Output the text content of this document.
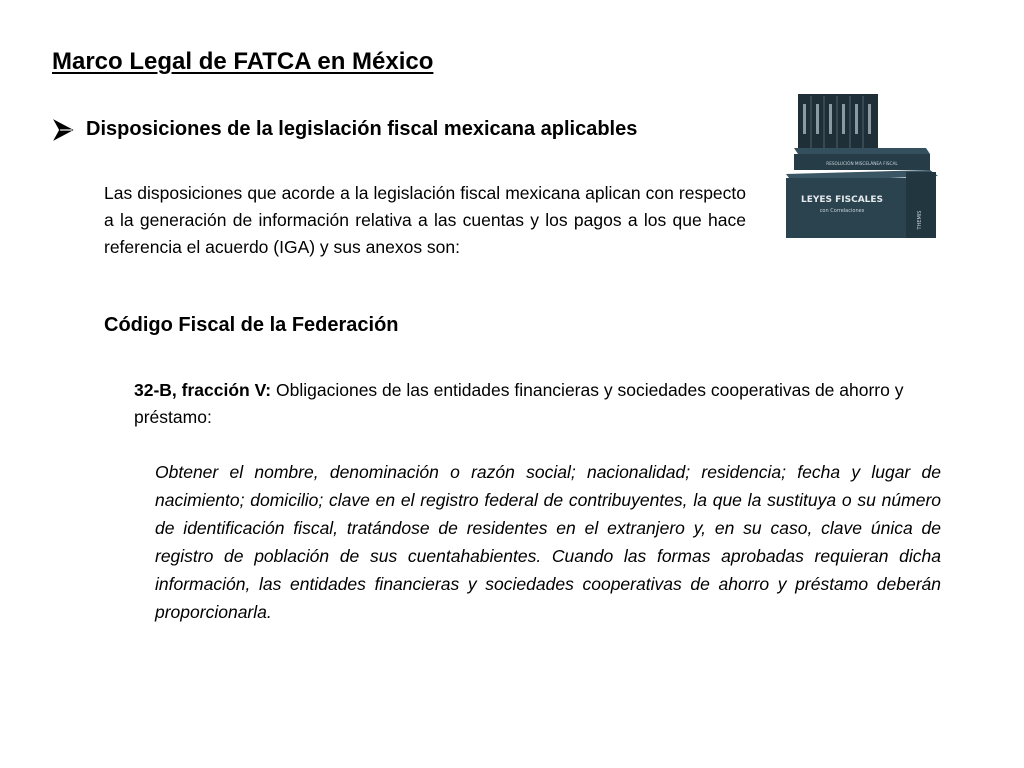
Marco Legal de FATCA en México
Disposiciones de la legislación fiscal mexicana aplicables
Las disposiciones que acorde a la legislación fiscal mexicana aplican con respecto a la generación de información relativa a las cuentas y los pagos a los que hace referencia el acuerdo (IGA) y sus anexos son:
RESOLUCIÓN MISCELÁNEA FISCAL
LEYES FISCALES
con Correlaciones	THEMIS
Código Fiscal de la Federación
32-B, fracción V: Obligaciones de las entidades financieras y sociedades cooperativas de ahorro y préstamo:
Obtener el nombre, denominación o razón social; nacionalidad; residencia; fecha y lugar de nacimiento; domicilio; clave en el registro federal de contribuyentes, la que la sustituya o su número de identificación fiscal, tratándose de residentes en el extranjero y, en su caso, clave única de registro de población de sus cuentahabientes. Cuando las formas aprobadas requieran dicha información, las entidades financieras y sociedades cooperativas de ahorro y préstamo deberán proporcionarla.
